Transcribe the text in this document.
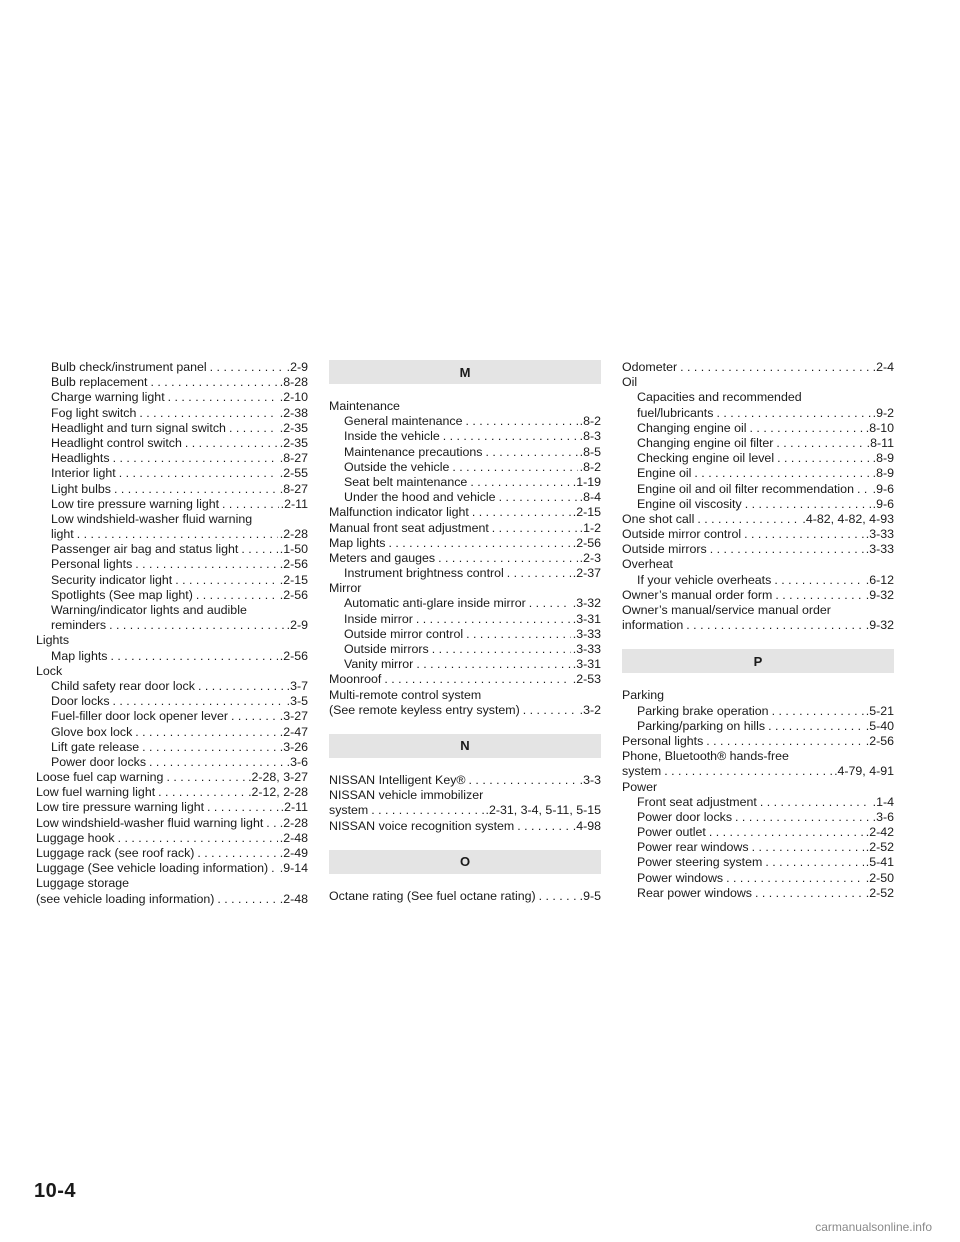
Bulb check/instrument panel . . .	.2-9
Bulb replacement . . .	.8-28
Charge warning light . . .	.2-10
Fog light switch . . .	.2-38
Headlight and turn signal switch . . .	.2-35
Headlight control switch . . .	.2-35
Headlights . . .	.8-27
Interior light . . .	.2-55
Light bulbs . . .	.8-27
Low tire pressure warning light . . .	.2-11
Low windshield-washer fluid warning
light . . .	.2-28
Passenger air bag and status light . . .	.1-50
Personal lights . . .	.2-56
Security indicator light . . .	.2-15
Spotlights (See map light) . . .	.2-56
Warning/indicator lights and audible
reminders . . .	.2-9
Lights
Map lights . . .	.2-56
Lock
Child safety rear door lock . . .	.3-7
Door locks . . .	.3-5
Fuel-filler door lock opener lever . . .	.3-27
Glove box lock . . .	.2-47
Lift gate release . . .	.3-26
Power door locks . . .	.3-6
Loose fuel cap warning . . .	.2-28, 3-27
Low fuel warning light . . .	.2-12, 2-28
Low tire pressure warning light . . .	.2-11
Low windshield-washer fluid warning light . . . .2-28
Luggage hook . . .	.2-48
Luggage rack (see roof rack) . . .	.2-49
Luggage (See vehicle loading information) . . . .9-14
Luggage storage
(see vehicle loading information) . . .	.2-48
M
Maintenance
General maintenance . . .	.8-2
Inside the vehicle . . .	.8-3
Maintenance precautions . . .	.8-5
Outside the vehicle . . .	.8-2
Seat belt maintenance . . .	.1-19
Under the hood and vehicle . . .	.8-4
Malfunction indicator light . . .	.2-15
Manual front seat adjustment . . .	.1-2
Map lights . . .	.2-56
Meters and gauges . . .	.2-3
Instrument brightness control . . .	.2-37
Mirror
Automatic anti-glare inside mirror . . .	.3-32
Inside mirror . . .	.3-31
Outside mirror control . . .	.3-33
Outside mirrors . . .	.3-33
Vanity mirror . . .	.3-31
Moonroof . . .	.2-53
Multi-remote control system
(See remote keyless entry system) . . .	.3-2
N
NISSAN Intelligent Key® . . .	.3-3
NISSAN vehicle immobilizer
system . . .	.2-31, 3-4, 5-11, 5-15
NISSAN voice recognition system . . .	.4-98
O
Octane rating (See fuel octane rating) . . .	.9-5
Odometer . . .	.2-4
Oil
Capacities and recommended
fuel/lubricants . . .	.9-2
Changing engine oil . . .	.8-10
Changing engine oil filter . . .	.8-11
Checking engine oil level . . .	.8-9
Engine oil . . .	.8-9
Engine oil and oil filter recommendation . . . .9-6
Engine oil viscosity . . .	.9-6
One shot call . . .	.4-82, 4-82, 4-93
Outside mirror control . . .	.3-33
Outside mirrors . . .	.3-33
Overheat
If your vehicle overheats . . .	.6-12
Owner’s manual order form . . .	.9-32
Owner’s manual/service manual order
information . . .	.9-32
P
Parking
Parking brake operation . . .	.5-21
Parking/parking on hills . . .	.5-40
Personal lights . . .	.2-56
Phone, Bluetooth® hands-free
system . . .	.4-79, 4-91
Power
Front seat adjustment . . .	.1-4
Power door locks . . .	.3-6
Power outlet . . .	.2-42
Power rear windows . . .	.2-52
Power steering system . . .	.5-41
Power windows . . .	.2-50
Rear power windows . . .	.2-52
10-4
carmanualsonline.info
